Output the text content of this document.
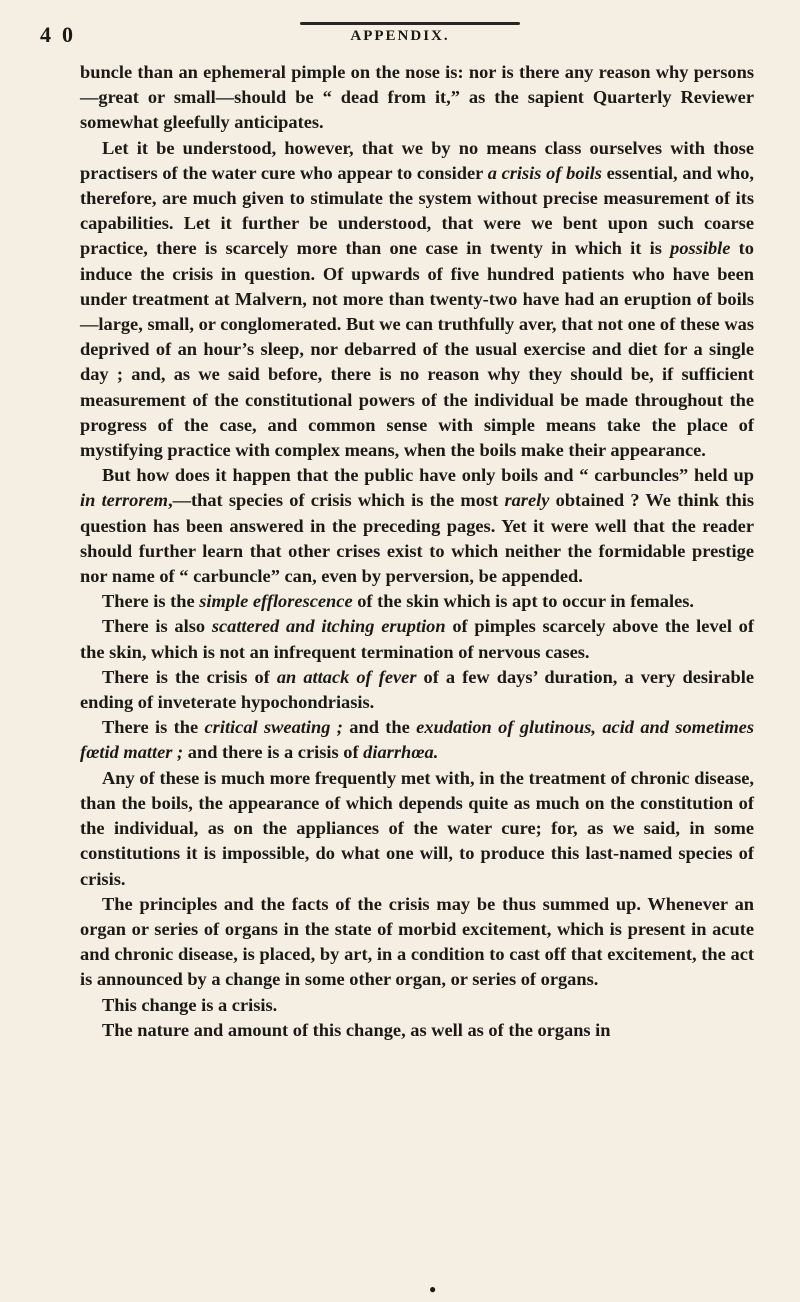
4 0	APPENDIX.

buncle than an ephemeral pimple on the nose is: nor is there any reason why persons—great or small—should be “ dead from it,” as the sapient Quarterly Reviewer somewhat gleefully anticipates.

Let it be understood, however, that we by no means class ourselves with those practisers of the water cure who appear to consider a crisis of boils essential, and who, therefore, are much given to stimulate the system without precise measurement of its capabilities. Let it further be understood, that were we bent upon such coarse practice, there is scarcely more than one case in twenty in which it is possible to induce the crisis in question. Of upwards of five hundred patients who have been under treatment at Malvern, not more than twenty-two have had an eruption of boils—large, small, or conglomerated. But we can truthfully aver, that not one of these was deprived of an hour’s sleep, nor debarred of the usual exercise and diet for a single day ; and, as we said before, there is no reason why they should be, if sufficient measurement of the constitutional powers of the individual be made throughout the progress of the case, and common sense with simple means take the place of mystifying practice with complex means, when the boils make their appearance.

But how does it happen that the public have only boils and “ carbuncles” held up in terrorem,—that species of crisis which is the most rarely obtained ? We think this question has been answered in the preceding pages. Yet it were well that the reader should further learn that other crises exist to which neither the formidable prestige nor name of “ carbuncle” can, even by perversion, be appended.

There is the simple efflorescence of the skin which is apt to occur in females.

There is also scattered and itching eruption of pimples scarcely above the level of the skin, which is not an infrequent termination of nervous cases.

There is the crisis of an attack of fever of a few days’ duration, a very desirable ending of inveterate hypochondriasis.

There is the critical sweating ; and the exudation of glutinous, acid and sometimes fœtid matter ; and there is a crisis of diarrhœa.

Any of these is much more frequently met with, in the treatment of chronic disease, than the boils, the appearance of which depends quite as much on the constitution of the individual, as on the appliances of the water cure; for, as we said, in some constitutions it is impossible, do what one will, to produce this last-named species of crisis.

The principles and the facts of the crisis may be thus summed up. Whenever an organ or series of organs in the state of morbid excitement, which is present in acute and chronic disease, is placed, by art, in a condition to cast off that excitement, the act is announced by a change in some other organ, or series of organs.

This change is a crisis.

The nature and amount of this change, as well as of the organs in

●
